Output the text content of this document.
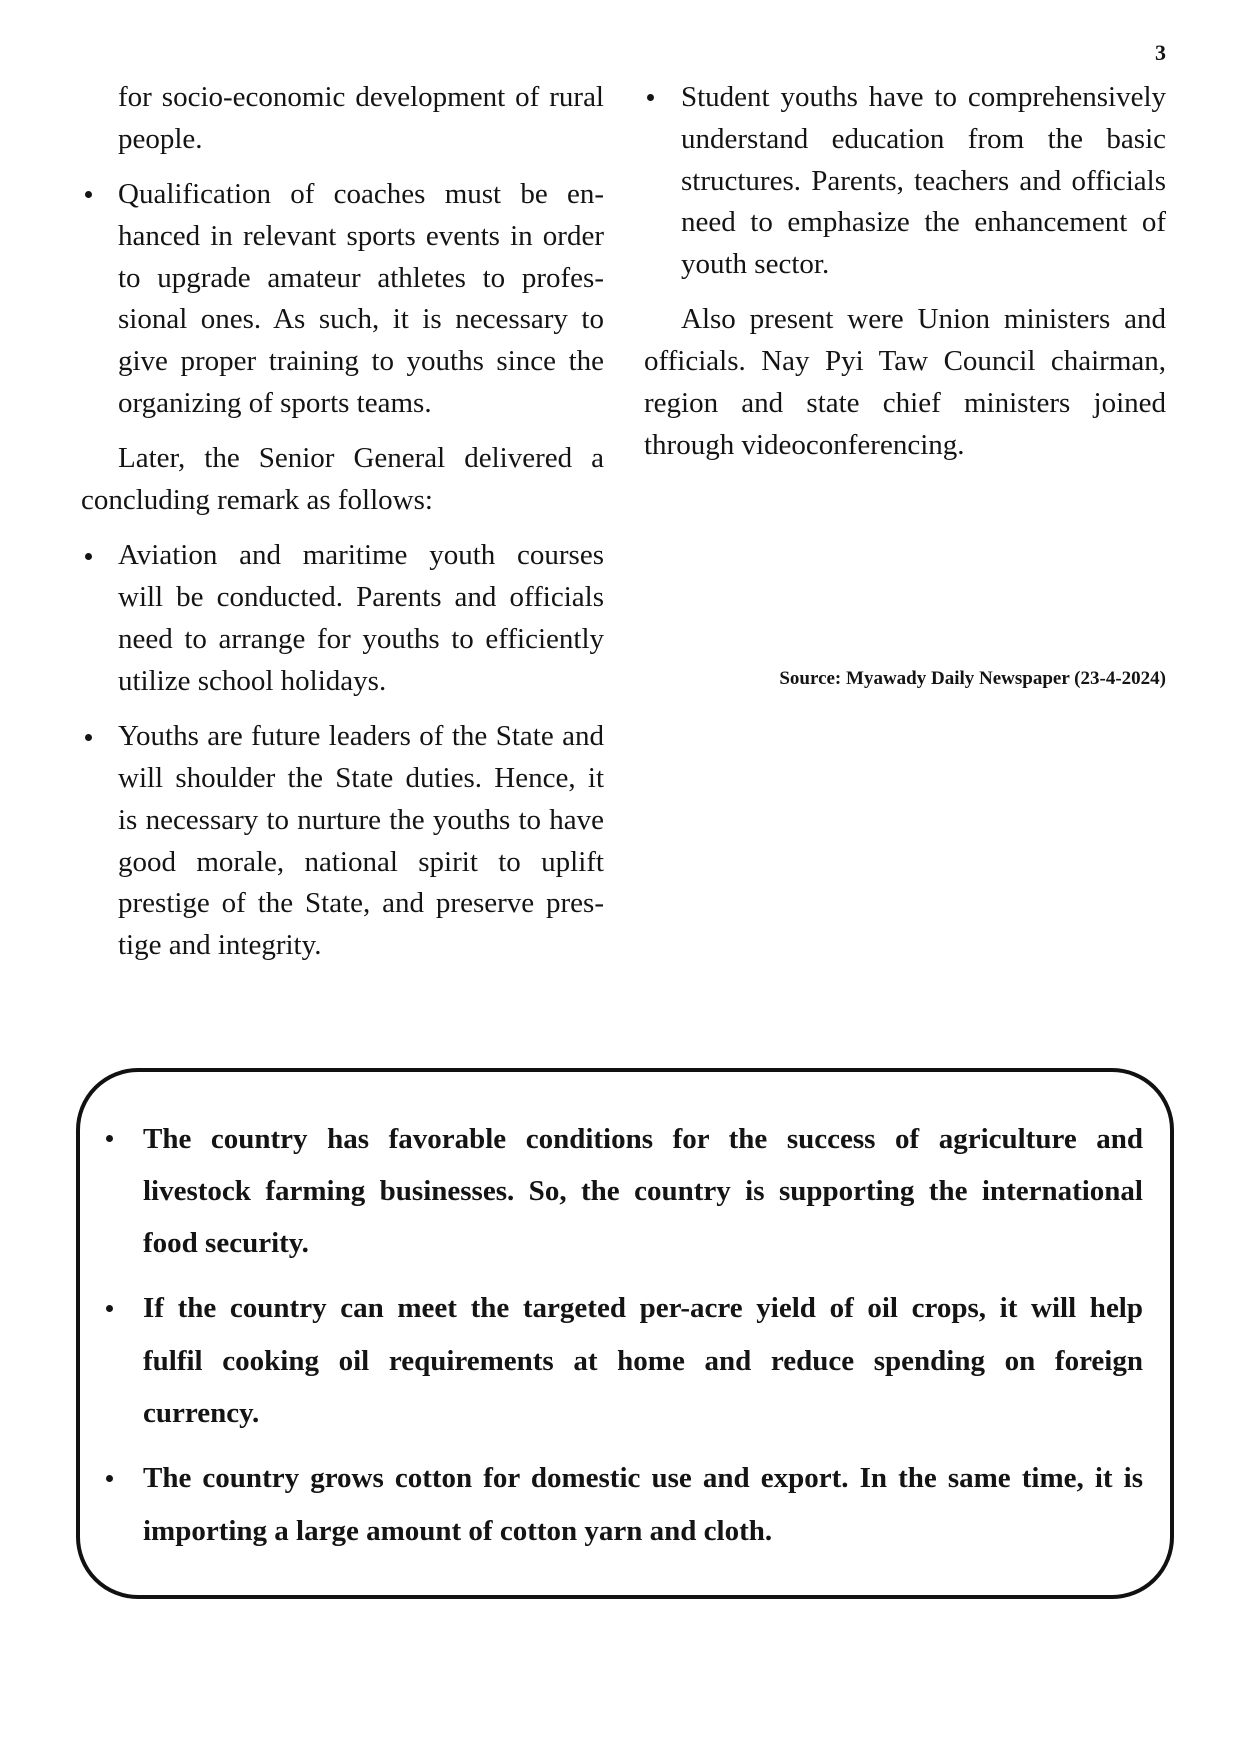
3
for socio-economic development of rural
people.
Qualification of coaches must be en-
hanced in relevant sports events in order
to upgrade amateur athletes to profes-
sional ones. As such, it is necessary to
give proper training to youths since the
organizing of sports teams.
Later, the Senior General delivered a
concluding remark as follows:
Aviation and maritime youth courses
will be conducted. Parents and officials
need to arrange for youths to efficiently
utilize school holidays.
Youths are future leaders of the State and
will shoulder the State duties. Hence, it
is necessary to nurture the youths to have
good morale, national spirit to uplift
prestige of the State, and preserve pres-
tige and integrity.
Student youths have to comprehensively
understand education from the basic
structures. Parents, teachers and officials
need to emphasize the enhancement of
youth sector.
Also present were Union ministers and
officials. Nay Pyi Taw Council chairman,
region and state chief ministers joined
through videoconferencing.
Source: Myawady Daily Newspaper (23-4-2024)
The country has favorable conditions for the success of agriculture and
livestock farming businesses. So, the country is supporting the international
food security.
If the country can meet the targeted per-acre yield of oil crops, it will help
fulfil cooking oil requirements at home and reduce spending on foreign
currency.
The country grows cotton for domestic use and export. In the same time, it is
importing a large amount of cotton yarn and cloth.
